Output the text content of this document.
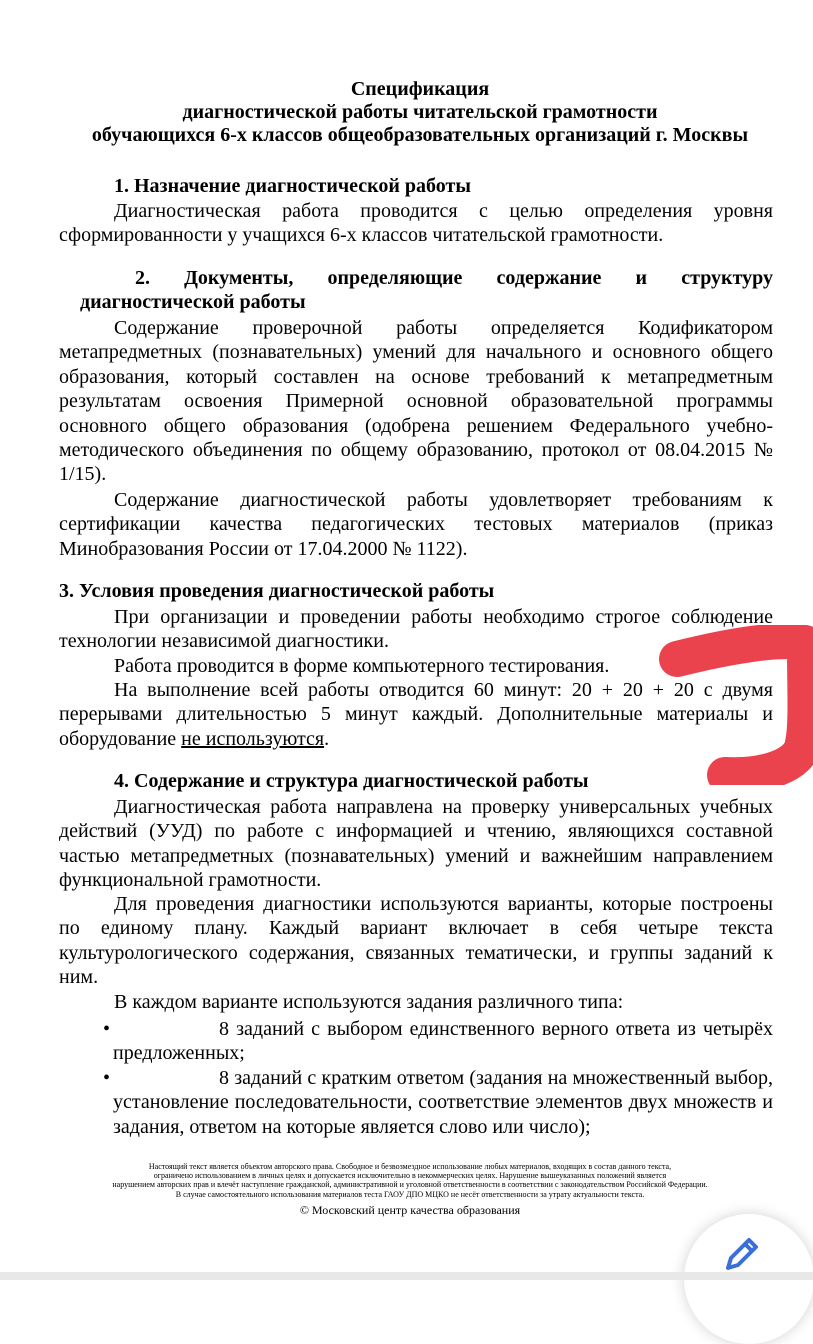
Спецификация
диагностической работы читательской грамотности
обучающихся 6-х классов общеобразовательных организаций г. Москвы
1. Назначение диагностической работы

Диагностическая работа проводится с целью определения уровня сформированности у учащихся 6-х классов читательской грамотности.

2. Документы, определяющие содержание и структуру
диагностической работы

Содержание проверочной работы определяется Кодификатором метапредметных (познавательных) умений для начального и основного общего образования, который составлен на основе требований к метапредметным результатам освоения Примерной основной образовательной программы основного общего образования (одобрена решением Федерального учебно-методического объединения по общему образованию, протокол от 08.04.2015 № 1/15).

Содержание диагностической работы удовлетворяет требованиям к сертификации качества педагогических тестовых материалов (приказ Минобразования России от 17.04.2000 № 1122).

3. Условия проведения диагностической работы

При организации и проведении работы необходимо строгое соблюдение технологии независимой диагностики.

Работа проводится в форме компьютерного тестирования.

На выполнение всей работы отводится 60 минут: 20 + 20 + 20 с двумя перерывами длительностью 5 минут каждый. Дополнительные материалы и оборудование не используются.

4. Содержание и структура диагностической работы

Диагностическая работа направлена на проверку универсальных учебных действий (УУД) по работе с информацией и чтению, являющихся составной частью метапредметных (познавательных) умений и важнейшим направлением функциональной грамотности.

Для проведения диагностики используются варианты, которые построены по единому плану. Каждый вариант включает в себя четыре текста культурологического содержания, связанных тематически, и группы заданий к ним.

В каждом варианте используются задания различного типа:

•	8 заданий с выбором единственного верного ответа из четырёх предложенных;
•	8 заданий с кратким ответом (задания на множественный выбор, установление последовательности, соответствие элементов двух множеств и задания, ответом на которые является слово или число);
Настоящий текст является объектом авторского права. Свободное и безвозмездное использование любых материалов, входящих в состав данного текста,
ограничено использованием в личных целях и допускается исключительно в некоммерческих целях. Нарушение вышеуказанных положений является
нарушением авторских прав и влечёт наступление гражданской, административной и уголовной ответственности в соответствии с законодательством Российской Федерации.
В случае самостоятельного использования материалов теста ГАОУ ДПО МЦКО не несёт ответственности за утрату актуальности текста.
© Московский центр качества образования
